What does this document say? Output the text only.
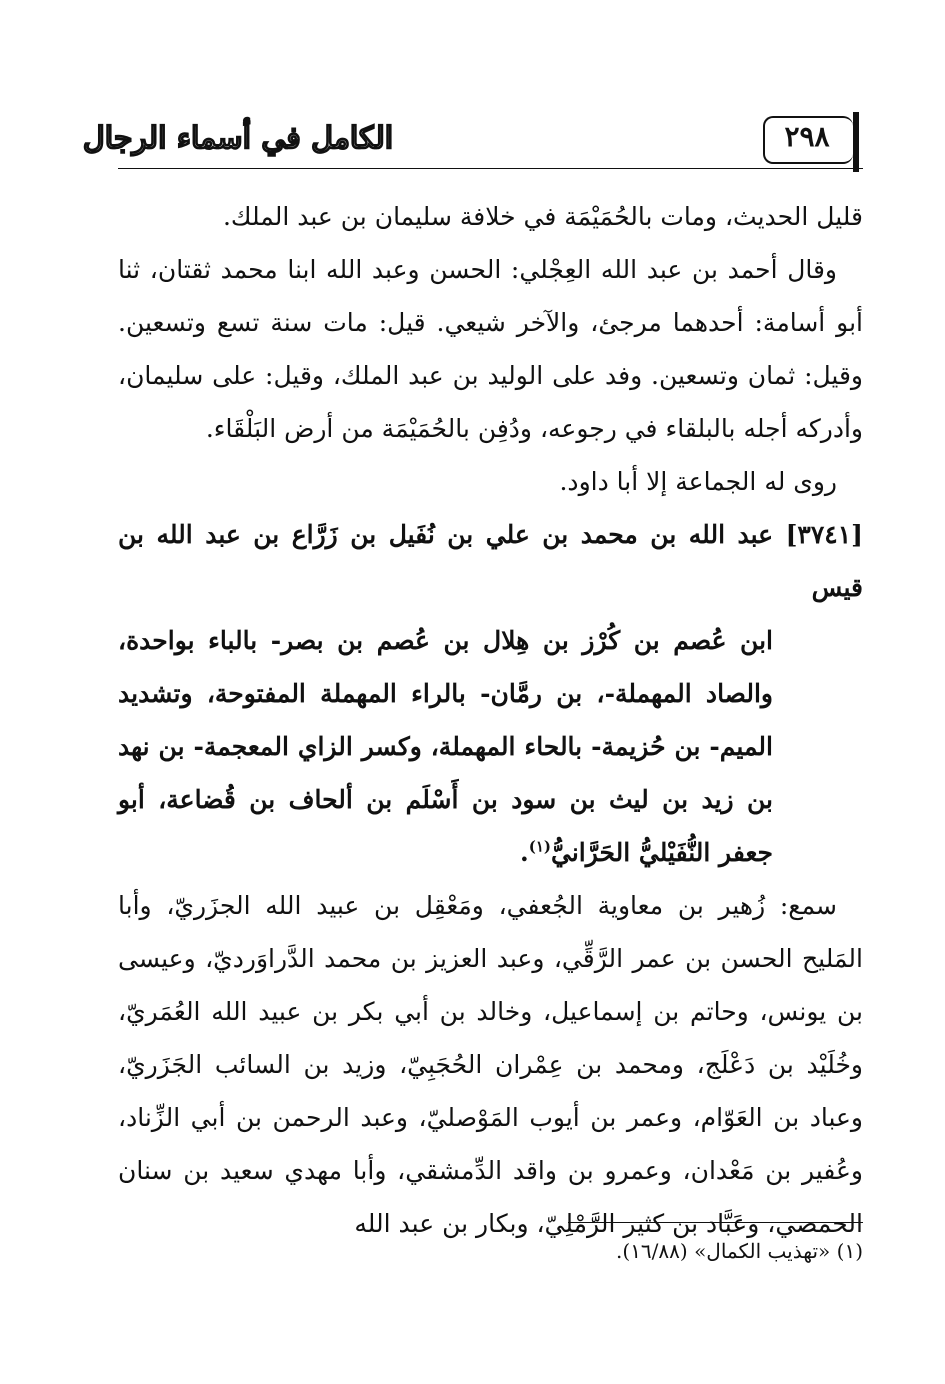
الكامل في أسماء الرجال	٢٩٨

قليل الحديث، ومات بالحُمَيْمَة في خلافة سليمان بن عبد الملك.

وقال أحمد بن عبد الله العِجْلي: الحسن وعبد الله ابنا محمد ثقتان، ثنا أبو أسامة: أحدهما مرجئ، والآخر شيعي. قيل: مات سنة تسع وتسعين. وقيل: ثمان وتسعين. وفد على الوليد بن عبد الملك، وقيل: على سليمان، وأدركه أجله بالبلقاء في رجوعه، ودُفِن بالحُمَيْمَة من أرض البَلْقَاء.

روى له الجماعة إلا أبا داود.

[٣٧٤١] عبد الله بن محمد بن علي بن نُفَيل بن زَرَّاع بن عبد الله بن قيس

ابن عُصم بن كُرْز بن هِلال بن عُصم بن بصر- بالباء بواحدة، والصاد المهملة-، بن رمَّان- بالراء المهملة المفتوحة، وتشديد الميم- بن حُزيمة- بالحاء المهملة، وكسر الزاي المعجمة- بن نهد بن زيد بن ليث بن سود بن أَسْلَم بن ألحاف بن قُضاعة، أبو جعفر النُّفَيْليُّ الحَرَّانيُّ$^{(١)}$.

سمع: زُهير بن معاوية الجُعفي، ومَعْقِل بن عبيد الله الجزَريّ، وأبا المَليح الحسن بن عمر الرَّقِّي، وعبد العزيز بن محمد الدَّراوَرديّ، وعيسى بن يونس، وحاتم بن إسماعيل، وخالد بن أبي بكر بن عبيد الله العُمَريّ، وخُلَيْد بن دَعْلَج، ومحمد بن عِمْران الحُجَبِيّ، وزيد بن السائب الجَزَريّ، وعباد بن العَوّام، وعمر بن أيوب المَوْصليّ، وعبد الرحمن بن أبي الزِّناد، وعُفير بن مَعْدان، وعمرو بن واقد الدِّمشقي، وأبا مهدي سعيد بن سنان الحمصي، وعَبَّاد بن كثير الرَّمْلِيّ، وبكار بن عبد الله

(١) «تهذيب الكمال» (١٦/٨٨).
